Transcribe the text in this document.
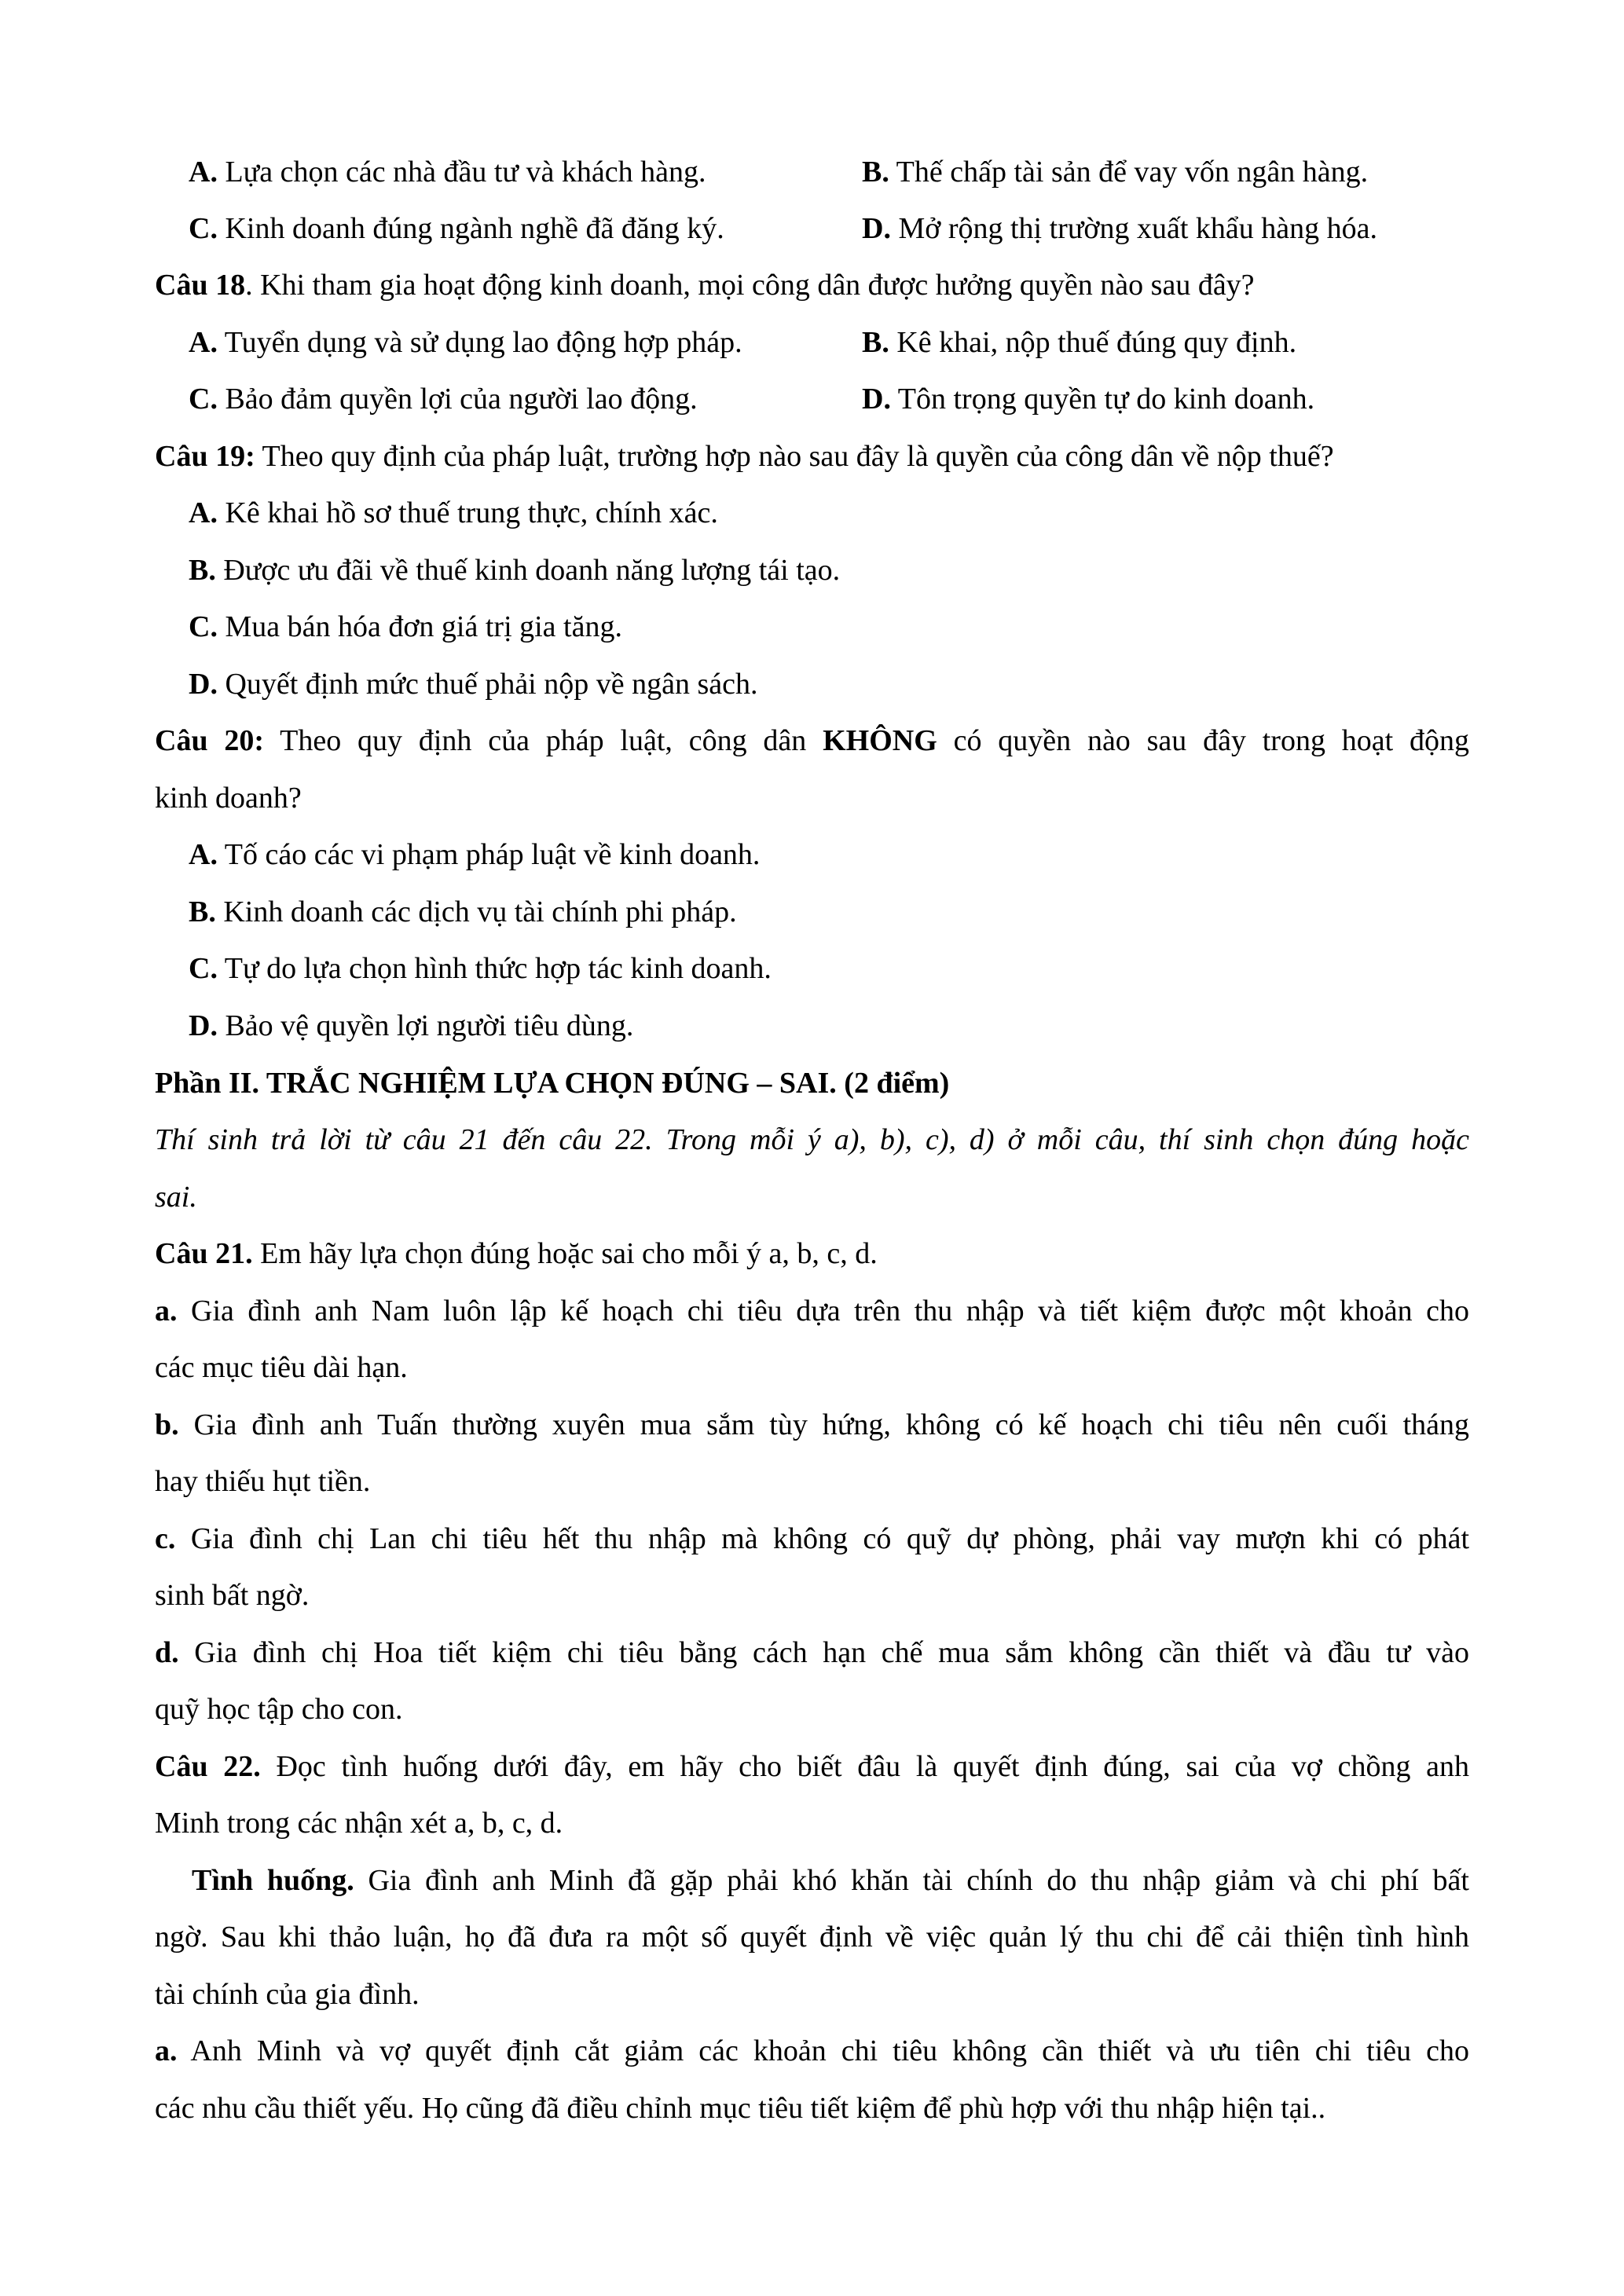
A. Lựa chọn các nhà đầu tư và khách hàng.	B. Thế chấp tài sản để vay vốn ngân hàng.
C. Kinh doanh đúng ngành nghề đã đăng ký.	D. Mở rộng thị trường xuất khẩu hàng hóa.
Câu 18. Khi tham gia hoạt động kinh doanh, mọi công dân được hưởng quyền nào sau đây?
A. Tuyển dụng và sử dụng lao động hợp pháp.	B. Kê khai, nộp thuế đúng quy định.
C. Bảo đảm quyền lợi của người lao động.	D. Tôn trọng quyền tự do kinh doanh.
Câu 19: Theo quy định của pháp luật, trường hợp nào sau đây là quyền của công dân về nộp thuế?
A. Kê khai hồ sơ thuế trung thực, chính xác.
B. Được ưu đãi về thuế kinh doanh năng lượng tái tạo.
C. Mua bán hóa đơn giá trị gia tăng.
D. Quyết định mức thuế phải nộp về ngân sách.
Câu 20: Theo quy định của pháp luật, công dân KHÔNG có quyền nào sau đây trong hoạt động
kinh doanh?
A. Tố cáo các vi phạm pháp luật về kinh doanh.
B. Kinh doanh các dịch vụ tài chính phi pháp.
C. Tự do lựa chọn hình thức hợp tác kinh doanh.
D. Bảo vệ quyền lợi người tiêu dùng.
Phần II. TRẮC NGHIỆM LỰA CHỌN ĐÚNG – SAI. (2 điểm)
Thí sinh trả lời từ câu 21 đến câu 22. Trong mỗi ý a), b), c), d) ở mỗi câu, thí sinh chọn đúng hoặc
sai.
Câu 21. Em hãy lựa chọn đúng hoặc sai cho mỗi ý a, b, c, d.
a. Gia đình anh Nam luôn lập kế hoạch chi tiêu dựa trên thu nhập và tiết kiệm được một khoản cho
các mục tiêu dài hạn.
b. Gia đình anh Tuấn thường xuyên mua sắm tùy hứng, không có kế hoạch chi tiêu nên cuối tháng
hay thiếu hụt tiền.
c. Gia đình chị Lan chi tiêu hết thu nhập mà không có quỹ dự phòng, phải vay mượn khi có phát
sinh bất ngờ.
d. Gia đình chị Hoa tiết kiệm chi tiêu bằng cách hạn chế mua sắm không cần thiết và đầu tư vào
quỹ học tập cho con.
Câu 22. Đọc tình huống dưới đây, em hãy cho biết đâu là quyết định đúng, sai của vợ chồng anh
Minh trong các nhận xét a, b, c, d.
Tình huống. Gia đình anh Minh đã gặp phải khó khăn tài chính do thu nhập giảm và chi phí bất
ngờ. Sau khi thảo luận, họ đã đưa ra một số quyết định về việc quản lý thu chi để cải thiện tình hình
tài chính của gia đình.
a. Anh Minh và vợ quyết định cắt giảm các khoản chi tiêu không cần thiết và ưu tiên chi tiêu cho
các nhu cầu thiết yếu. Họ cũng đã điều chỉnh mục tiêu tiết kiệm để phù hợp với thu nhập hiện tại..
